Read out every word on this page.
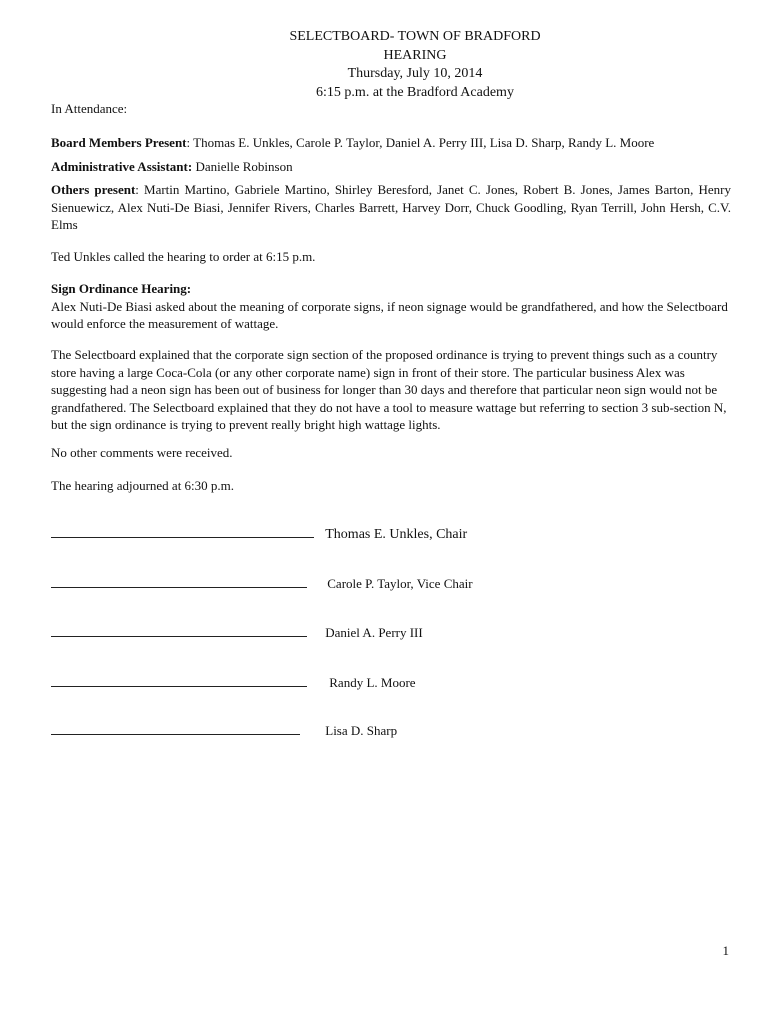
SELECTBOARD- TOWN OF BRADFORD
HEARING
Thursday, July 10, 2014
6:15 p.m. at the Bradford Academy
In Attendance:
Board Members Present: Thomas E. Unkles, Carole P. Taylor, Daniel A. Perry III, Lisa D. Sharp, Randy L. Moore
Administrative Assistant: Danielle Robinson
Others present: Martin Martino, Gabriele Martino, Shirley Beresford, Janet C. Jones, Robert B. Jones, James Barton, Henry Sienuewicz, Alex Nuti-De Biasi, Jennifer Rivers, Charles Barrett, Harvey Dorr, Chuck Goodling, Ryan Terrill, John Hersh, C.V. Elms
Ted Unkles called the hearing to order at 6:15 p.m.
Sign Ordinance Hearing:
Alex Nuti-De Biasi asked about the meaning of corporate signs, if neon signage would be grandfathered, and how the Selectboard would enforce the measurement of wattage.
The Selectboard explained that the corporate sign section of the proposed ordinance is trying to prevent things such as a country store having a large Coca-Cola (or any other corporate name) sign in front of their store. The particular business Alex was suggesting had a neon sign has been out of business for longer than 30 days and therefore that particular neon sign would not be grandfathered. The Selectboard explained that they do not have a tool to measure wattage but referring to section 3 sub-section N, but the sign ordinance is trying to prevent really bright high wattage lights.
No other comments were received.
The hearing adjourned at 6:30 p.m.
Thomas E. Unkles, Chair
Carole P. Taylor, Vice Chair
Daniel A. Perry III
Randy L. Moore
Lisa D. Sharp
1
